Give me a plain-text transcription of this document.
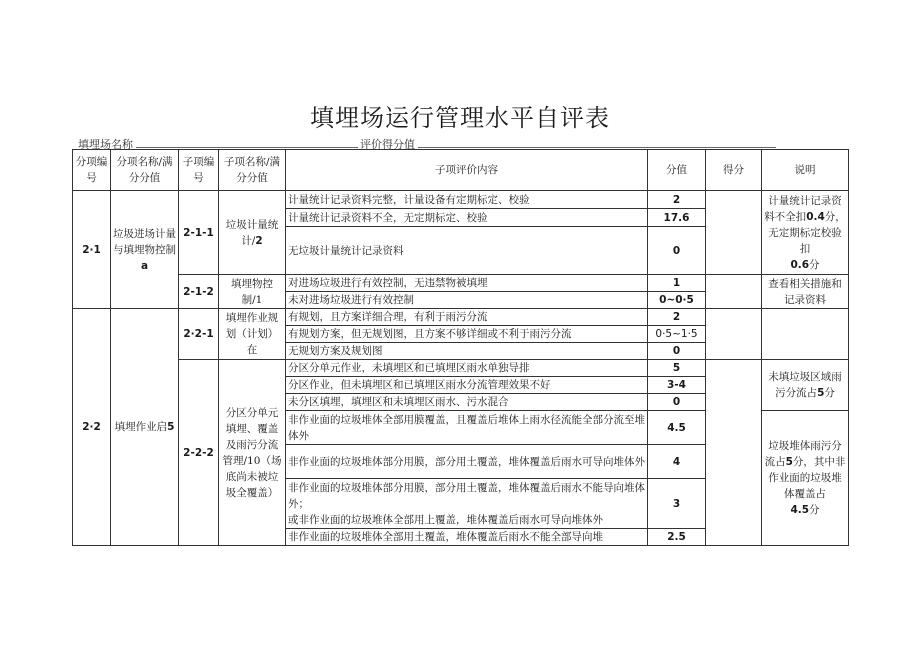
填埋场运行管理水平自评表
填埋场名称	评价得分值
分项编号	分项名称/满分分值	子项编号	子项名称/满分分值	子项评价内容	分值	得分	说明
2·1	垃圾进场计量与填埋物控制 a	2-1-1	垃圾计量统计/2	计量统计记录资料完整，计量设备有定期标定、校验	2		计量统计记录资料不全扣0.4分，无定期标定校验扣
0.6分
				计量统计记录资料不全，无定期标定、校验	17.6		
				无垃圾计量统计记录资料	0		
		2-1-2	填埋物控制/1	对进场垃圾进行有效控制，无违禁物被填埋	1		查看相关措施和记录资料
				未对进场垃圾进行有效控制	0~0·5		
2·2	填埋作业启5	2·2-1	填埋作业规划（计划）在	有规划，且方案详细合理，有利于雨污分流	2		
				有规划方案，但无规划图，且方案不够详细或不利于雨污分流	0·5~1·5		
				无规划方案及规划图	0		
		2-2-2	分区分单元填埋、覆盖及雨污分流管理/10（场底尚未被垃圾全覆盖）	分区分单元作业，未填埋区和已填埋区雨水单独导排	5		未填垃圾区域雨污分流占5分
				分区作业，但未填埋区和已填埋区雨水分流管理效果不好	3-4		
				未分区填埋，填埋区和未填埋区雨水、污水混合	0		
				非作业面的垃圾堆体全部用膜覆盖，且覆盖后堆体上雨水径流能全部分流至堆体外	4.5		垃圾堆体雨污分流占5分，其中非作业面的垃圾堆体覆盖占
4.5分
				非作业面的垃圾堆体部分用膜，部分用土覆盖，堆体覆盖后雨水可导向堆体外	4		
				非作业面的垃圾堆体部分用膜，部分用土覆盖，堆体覆盖后雨水不能导向堆体外；
或非作业面的垃圾堆体全部用上覆盖，堆体覆盖后雨水可导向堆体外	3		
				非作业面的垃圾堆体全部用土覆盖，堆体覆盖后雨水不能全部导向堆	2.5		
